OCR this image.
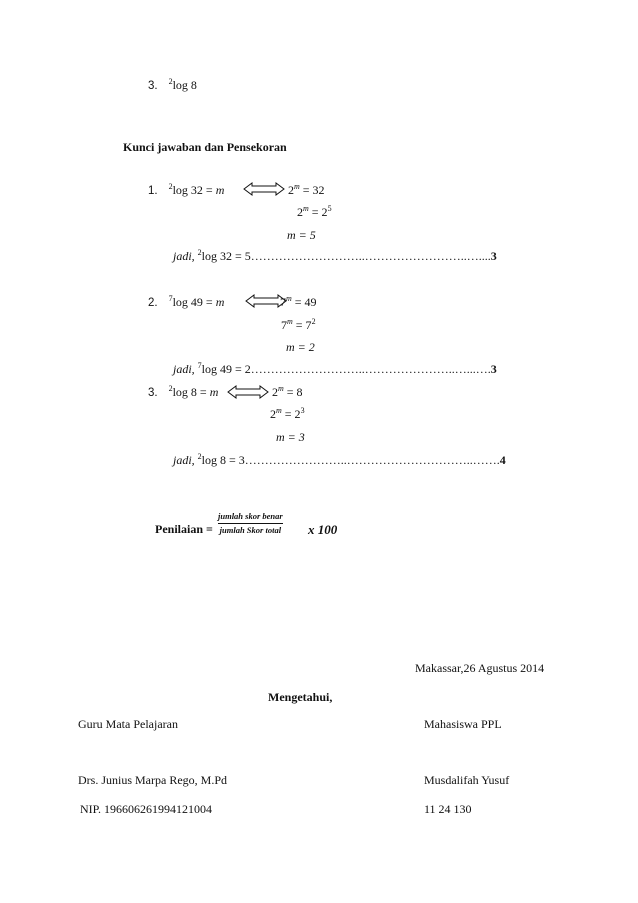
3. $^2$log 8
Kunci jawaban dan Pensekoran
1. $^2$log 32 = m	$2^m = 32$
$2^m = 2^5$
m = 5
jadi, $^2$log 32 = 5………………………..……………………..…....3
2. $^7$log 49 = m	$7^m = 49$
$7^m = 7^2$
m = 2
jadi, $^7$log 49 = 2………………………..…………………..…...….3
3. $^2$log 8 = m	$2^m = 8$
$2^m = 2^3$
m = 3
jadi, $^2$log 8 = 3……………………..…………………………..…….4
Penilaian =
jumlah skor benar
jumlah Skor total x 100
Makassar,26 Agustus 2014
Mengetahui,
Guru Mata Pelajaran	Mahasiswa PPL
Drs. Junius Marpa Rego, M.Pd	Musdalifah Yusuf
NIP. 196606261994121004	11 24 130
